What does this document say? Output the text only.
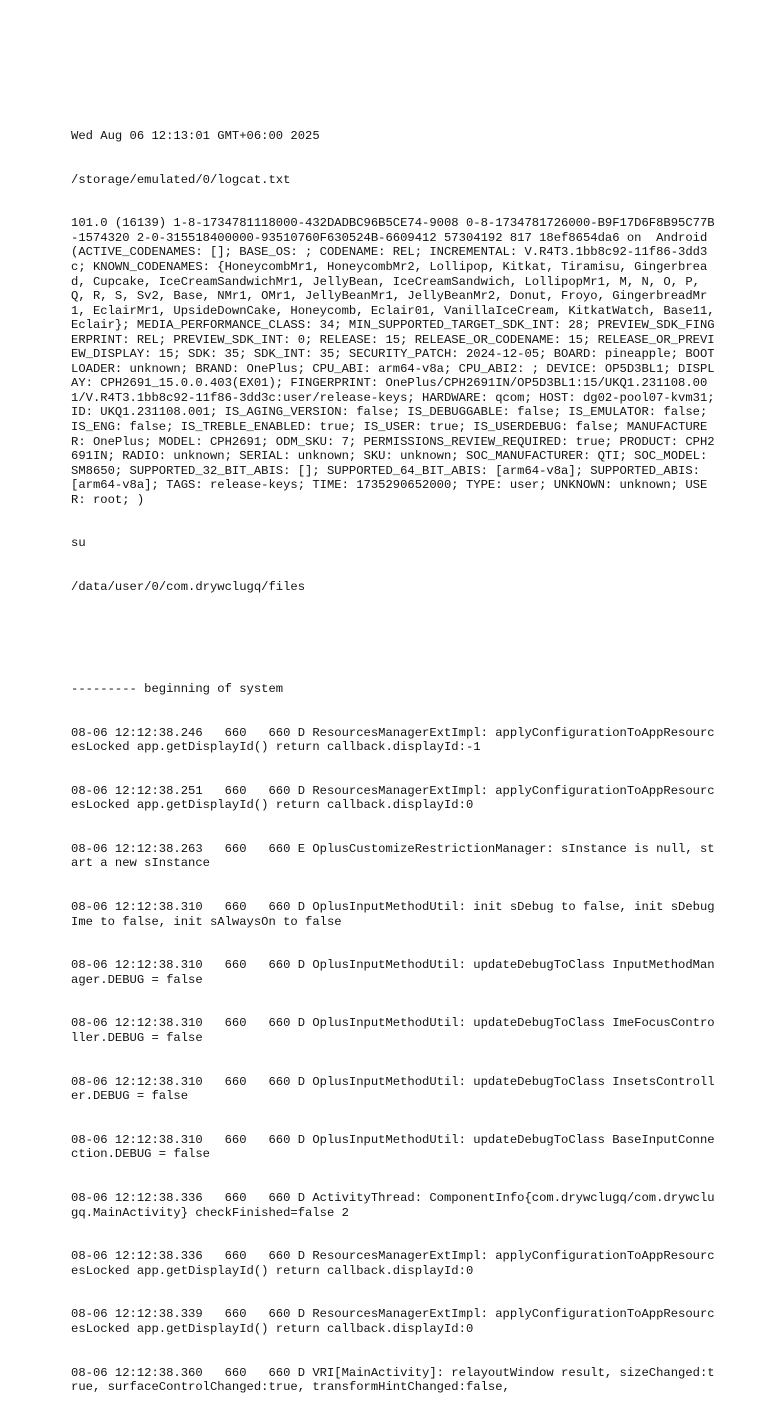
Wed Aug 06 12:13:01 GMT+06:00 2025

/storage/emulated/0/logcat.txt

101.0 (16139) 1-8-1734781118000-432DADBC96B5CE74-9008 0-8-1734781726000-B9F17D6F8B95C77B-1574320 2-0-315518400000-93510760F630524B-6609412 57304192 817 18ef8654da6 on  Android(ACTIVE_CODENAMES: []; BASE_OS: ; CODENAME: REL; INCREMENTAL: V.R4T3.1bb8c92-11f86-3dd3c; KNOWN_CODENAMES: {HoneycombMr1, HoneycombMr2, Lollipop, Kitkat, Tiramisu, Gingerbread, Cupcake, IceCreamSandwichMr1, JellyBean, IceCreamSandwich, LollipopMr1, M, N, O, P, Q, R, S, Sv2, Base, NMr1, OMr1, JellyBeanMr1, JellyBeanMr2, Donut, Froyo, GingerbreadMr1, EclairMr1, UpsideDownCake, Honeycomb, Eclair01, VanillaIceCream, KitkatWatch, Base11, Eclair}; MEDIA_PERFORMANCE_CLASS: 34; MIN_SUPPORTED_TARGET_SDK_INT: 28; PREVIEW_SDK_FINGERPRINT: REL; PREVIEW_SDK_INT: 0; RELEASE: 15; RELEASE_OR_CODENAME: 15; RELEASE_OR_PREVIEW_DISPLAY: 15; SDK: 35; SDK_INT: 35; SECURITY_PATCH: 2024-12-05; BOARD: pineapple; BOOTLOADER: unknown; BRAND: OnePlus; CPU_ABI: arm64-v8a; CPU_ABI2: ; DEVICE: OP5D3BL1; DISPLAY: CPH2691_15.0.0.403(EX01); FINGERPRINT: OnePlus/CPH2691IN/OP5D3BL1:15/UKQ1.231108.001/V.R4T3.1bb8c92-11f86-3dd3c:user/release-keys; HARDWARE: qcom; HOST: dg02-pool07-kvm31; ID: UKQ1.231108.001; IS_AGING_VERSION: false; IS_DEBUGGABLE: false; IS_EMULATOR: false; IS_ENG: false; IS_TREBLE_ENABLED: true; IS_USER: true; IS_USERDEBUG: false; MANUFACTURER: OnePlus; MODEL: CPH2691; ODM_SKU: 7; PERMISSIONS_REVIEW_REQUIRED: true; PRODUCT: CPH2691IN; RADIO: unknown; SERIAL: unknown; SKU: unknown; SOC_MANUFACTURER: QTI; SOC_MODEL: SM8650; SUPPORTED_32_BIT_ABIS: []; SUPPORTED_64_BIT_ABIS: [arm64-v8a]; SUPPORTED_ABIS: [arm64-v8a]; TAGS: release-keys; TIME: 1735290652000; TYPE: user; UNKNOWN: unknown; USER: root; )

su

/data/user/0/com.drywclugq/files

--------- beginning of system

08-06 12:12:38.246   660   660 D ResourcesManagerExtImpl: applyConfigurationToAppResourcesLocked app.getDisplayId() return callback.displayId:-1

08-06 12:12:38.251   660   660 D ResourcesManagerExtImpl: applyConfigurationToAppResourcesLocked app.getDisplayId() return callback.displayId:0

08-06 12:12:38.263   660   660 E OplusCustomizeRestrictionManager: sInstance is null, start a new sInstance

08-06 12:12:38.310   660   660 D OplusInputMethodUtil: init sDebug to false, init sDebugIme to false, init sAlwaysOn to false

08-06 12:12:38.310   660   660 D OplusInputMethodUtil: updateDebugToClass InputMethodManager.DEBUG = false

08-06 12:12:38.310   660   660 D OplusInputMethodUtil: updateDebugToClass ImeFocusController.DEBUG = false

08-06 12:12:38.310   660   660 D OplusInputMethodUtil: updateDebugToClass InsetsController.DEBUG = false

08-06 12:12:38.310   660   660 D OplusInputMethodUtil: updateDebugToClass BaseInputConnection.DEBUG = false

08-06 12:12:38.336   660   660 D ActivityThread: ComponentInfo{com.drywclugq/com.drywclugq.MainActivity} checkFinished=false 2

08-06 12:12:38.336   660   660 D ResourcesManagerExtImpl: applyConfigurationToAppResourcesLocked app.getDisplayId() return callback.displayId:0

08-06 12:12:38.339   660   660 D ResourcesManagerExtImpl: applyConfigurationToAppResourcesLocked app.getDisplayId() return callback.displayId:0

08-06 12:12:38.360   660   660 D VRI[MainActivity]: relayoutWindow result, sizeChanged:true, surfaceControlChanged:true, transformHintChanged:false,
